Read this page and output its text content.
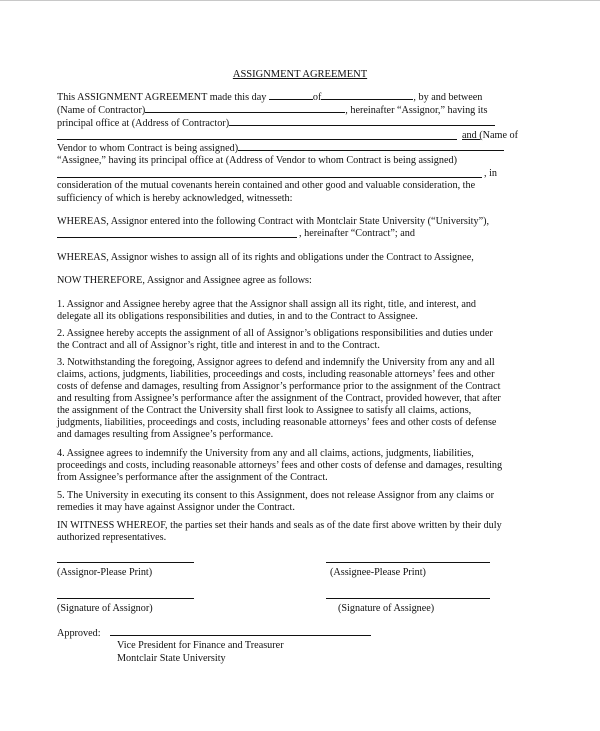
ASSIGNMENT AGREEMENT
This ASSIGNMENT AGREEMENT made this day	of	, by and between
(Name of Contractor)	, hereinafter “Assignor,” having its
principal office at (Address of Contractor)
and (Name of
Vendor to whom Contract is being assigned)
“Assignee,” having its principal office at (Address of Vendor to whom Contract is being assigned)
, in
consideration of the mutual covenants herein contained and other good and valuable consideration, the
sufficiency of which is hereby acknowledged, witnesseth:
WHEREAS, Assignor entered into the following Contract with Montclair State University (“University”),
, hereinafter “Contract”; and
WHEREAS, Assignor wishes to assign all of its rights and obligations under the Contract to Assignee,
NOW THEREFORE, Assignor and Assignee agree as follows:
1. Assignor and Assignee hereby agree that the Assignor shall assign all its right, title, and interest, and
delegate all its obligations responsibilities and duties, in and to the Contract to Assignee.
2. Assignee hereby accepts the assignment of all of Assignor’s obligations responsibilities and duties under
the Contract and all of Assignor’s right, title and interest in and to the Contract.
3. Notwithstanding the foregoing, Assignor agrees to defend and indemnify the University from any and all
claims, actions, judgments, liabilities, proceedings and costs, including reasonable attorneys’ fees and other
costs of defense and damages, resulting from Assignor’s performance prior to the assignment of the Contract
and resulting from Assignee’s performance after the assignment of the Contract, provided however, that after
the assignment of the Contract the University shall first look to Assignee to satisfy all claims, actions,
judgments, liabilities, proceedings and costs, including reasonable attorneys’ fees and other costs of defense
and damages resulting from Assignee’s performance.
4. Assignee agrees to indemnify the University from any and all claims, actions, judgments, liabilities,
proceedings and costs, including reasonable attorneys’ fees and other costs of defense and damages, resulting
from Assignee’s performance after the assignment of the Contract.
5. The University in executing its consent to this Assignment, does not release Assignor from any claims or
remedies it may have against Assignor under the Contract.
IN WITNESS WHEREOF, the parties set their hands and seals as of the date first above written by their duly
authorized representatives.
(Assignor-Please Print)	(Assignee-Please Print)
(Signature of Assignor)	(Signature of Assignee)
Approved:
Vice President for Finance and Treasurer
Montclair State University
